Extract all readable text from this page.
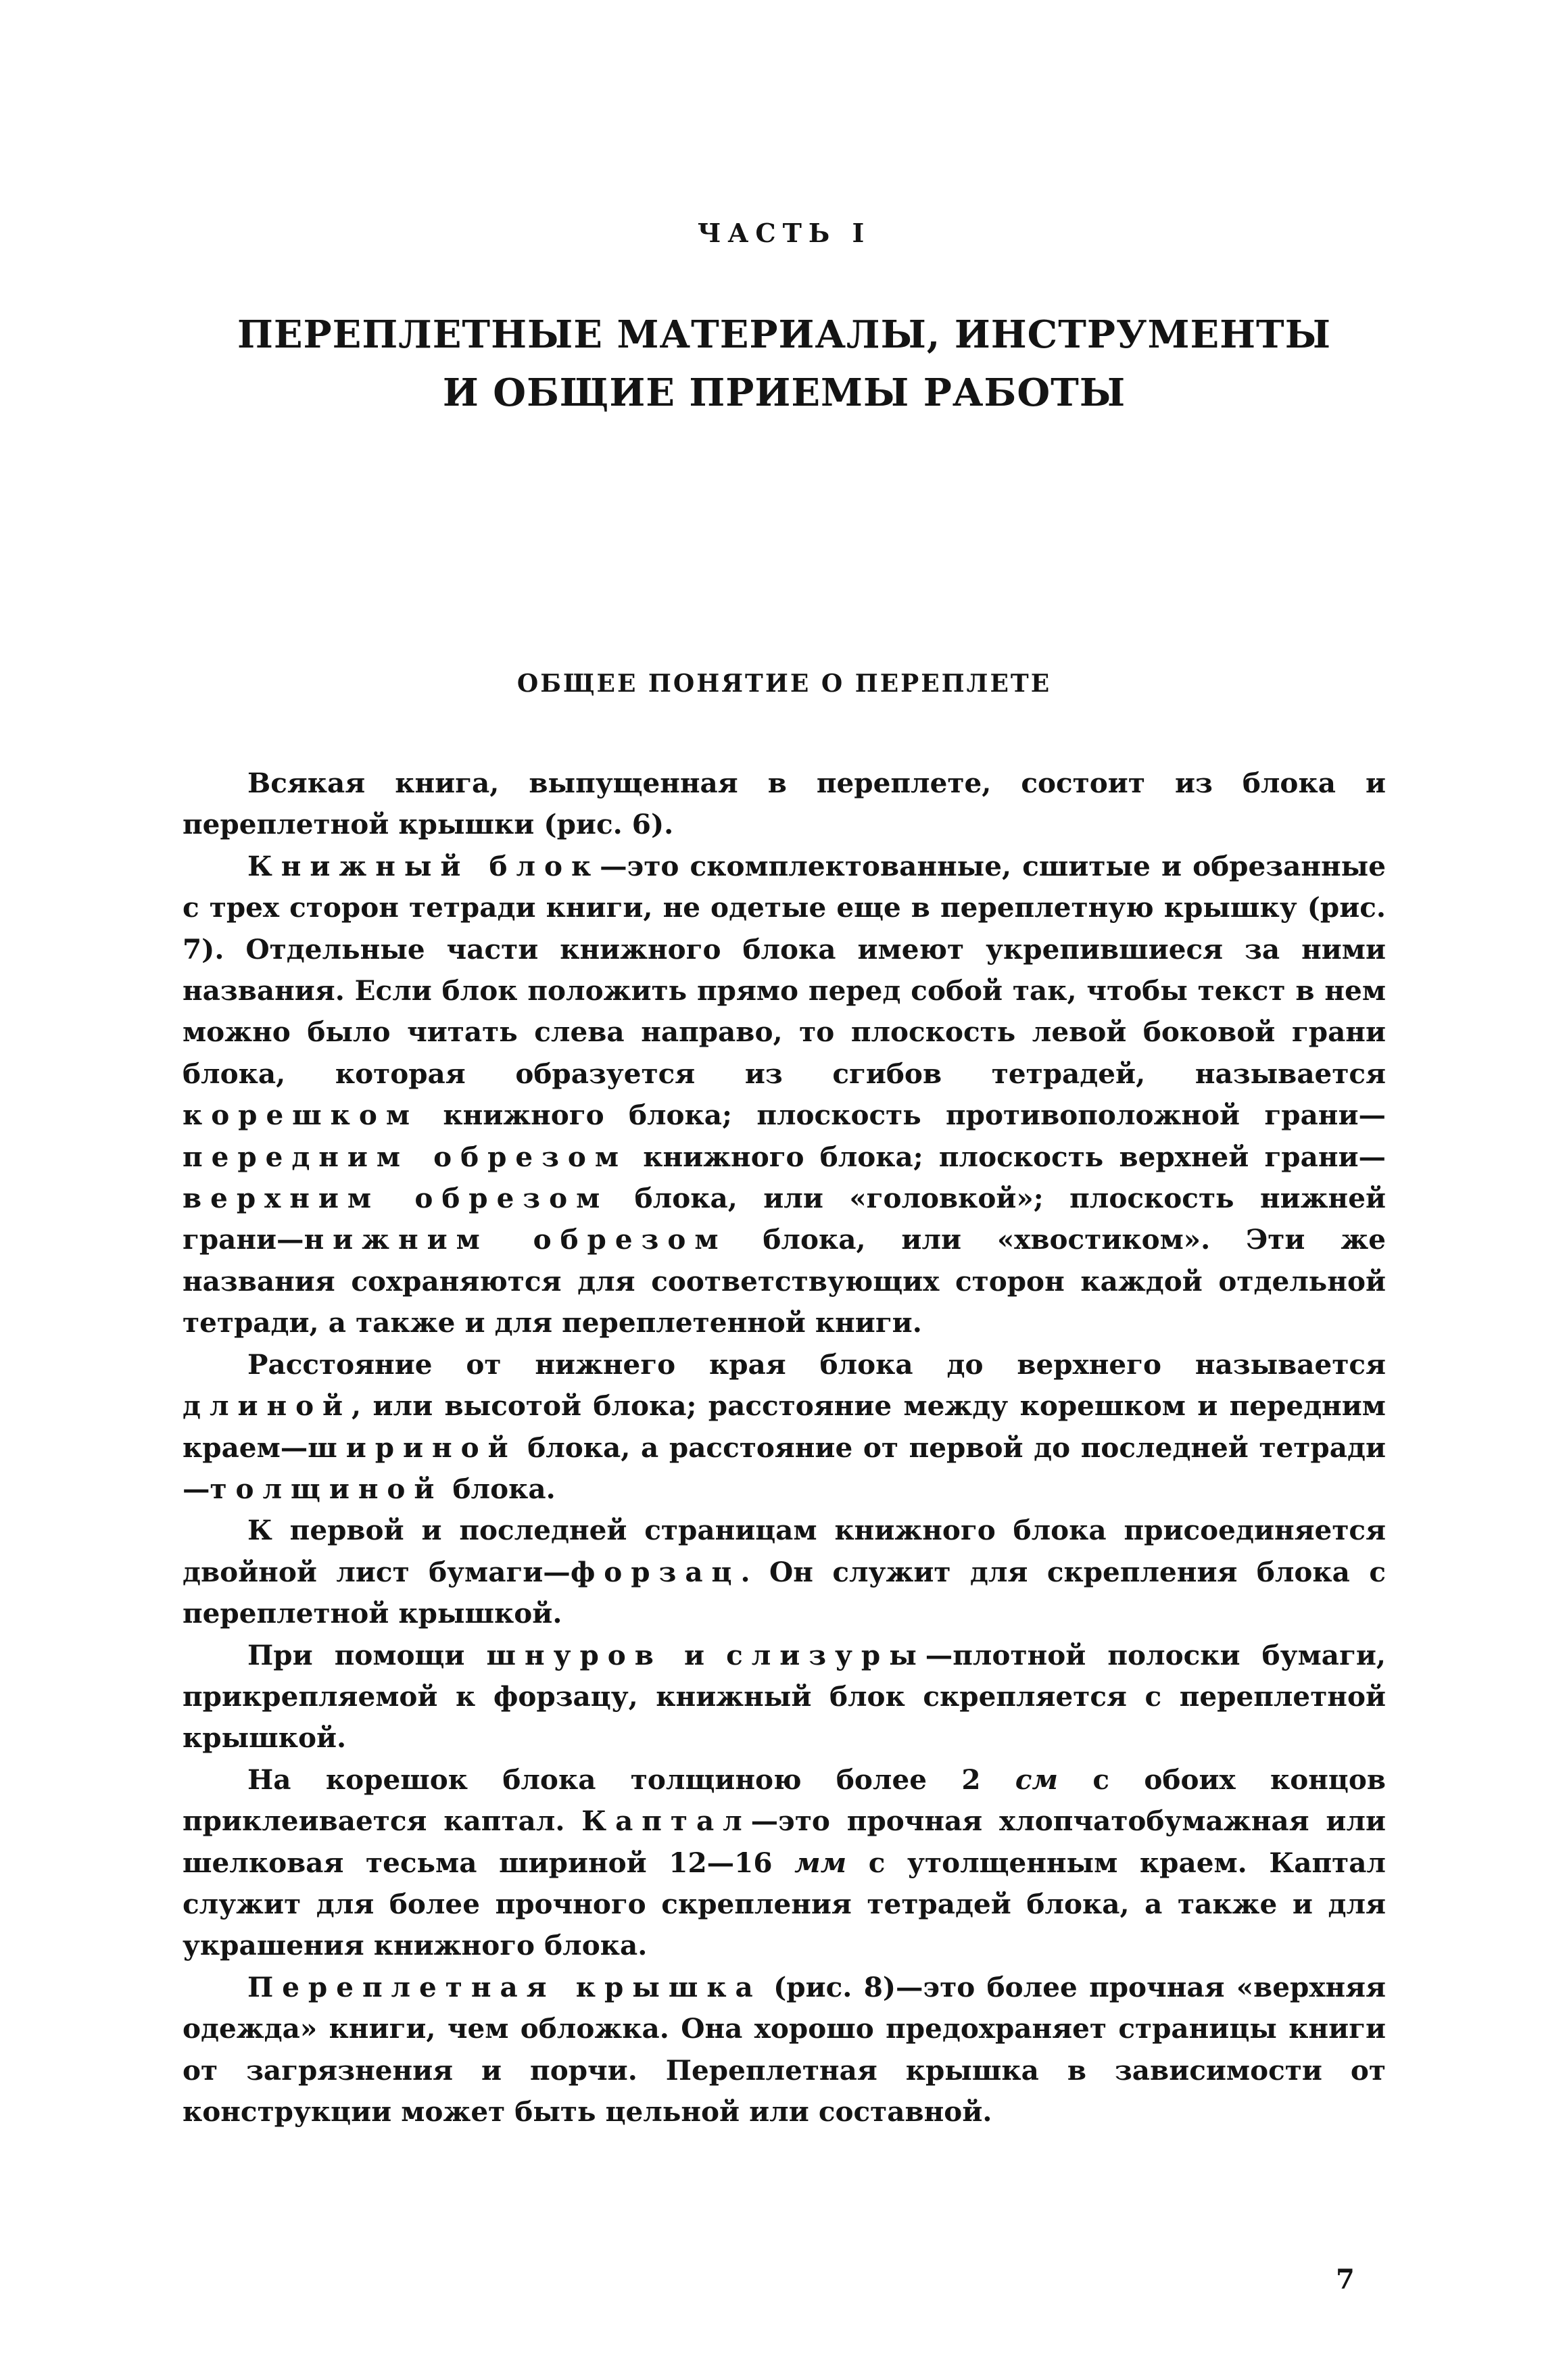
ЧАСТЬ I
ПЕРЕПЛЕТНЫЕ МАТЕРИАЛЫ, ИНСТРУМЕНТЫ
И ОБЩИЕ ПРИЕМЫ РАБОТЫ
ОБЩЕЕ ПОНЯТИЕ О ПЕРЕПЛЕТЕ

Всякая книга, выпущенная в переплете, состоит из блока и переплетной крышки (рис. 6).

Книжный блок—это скомплектованные, сшитые и обрезанные с трех сторон тетради книги, не одетые еще в переплетную крышку (рис. 7). Отдельные части книжного блока имеют укрепившиеся за ними названия. Если блок положить прямо перед собой так, чтобы текст в нем можно было читать слева направо, то плоскость левой боковой грани блока, которая образуется из сгибов тетрадей, называется корешком книжного блока; плоскость противоположной грани—передним обрезом книжного блока; плоскость верхней грани—верхним обрезом блока, или «головкой»; плоскость нижней грани—нижним обрезом блока, или «хвостиком». Эти же названия сохраняются для соответствующих сторон каждой отдельной тетради, а также и для переплетенной книги.

Расстояние от нижнего края блока до верхнего называется длиной, или высотой блока; расстояние между корешком и передним краем—шириной блока, а расстояние от первой до последней тетради—толщиной блока.

К первой и последней страницам книжного блока присоединяется двойной лист бумаги—форзац. Он служит для скрепления блока с переплетной крышкой.

При помощи шнуров и слизуры—плотной полоски бумаги, прикрепляемой к форзацу, книжный блок скрепляется с переплетной крышкой.

На корешок блока толщиною более 2 см с обоих концов приклеивается каптал. Каптал—это прочная хлопчатобумажная или шелковая тесьма шириной 12—16 мм с утолщенным краем. Каптал служит для более прочного скрепления тетрадей блока, а также и для украшения книжного блока.

Переплетная крышка (рис. 8)—это более прочная «верхняя одежда» книги, чем обложка. Она хорошо предохраняет страницы книги от загрязнения и порчи. Переплетная крышка в зависимости от конструкции может быть цельной или составной.

7
